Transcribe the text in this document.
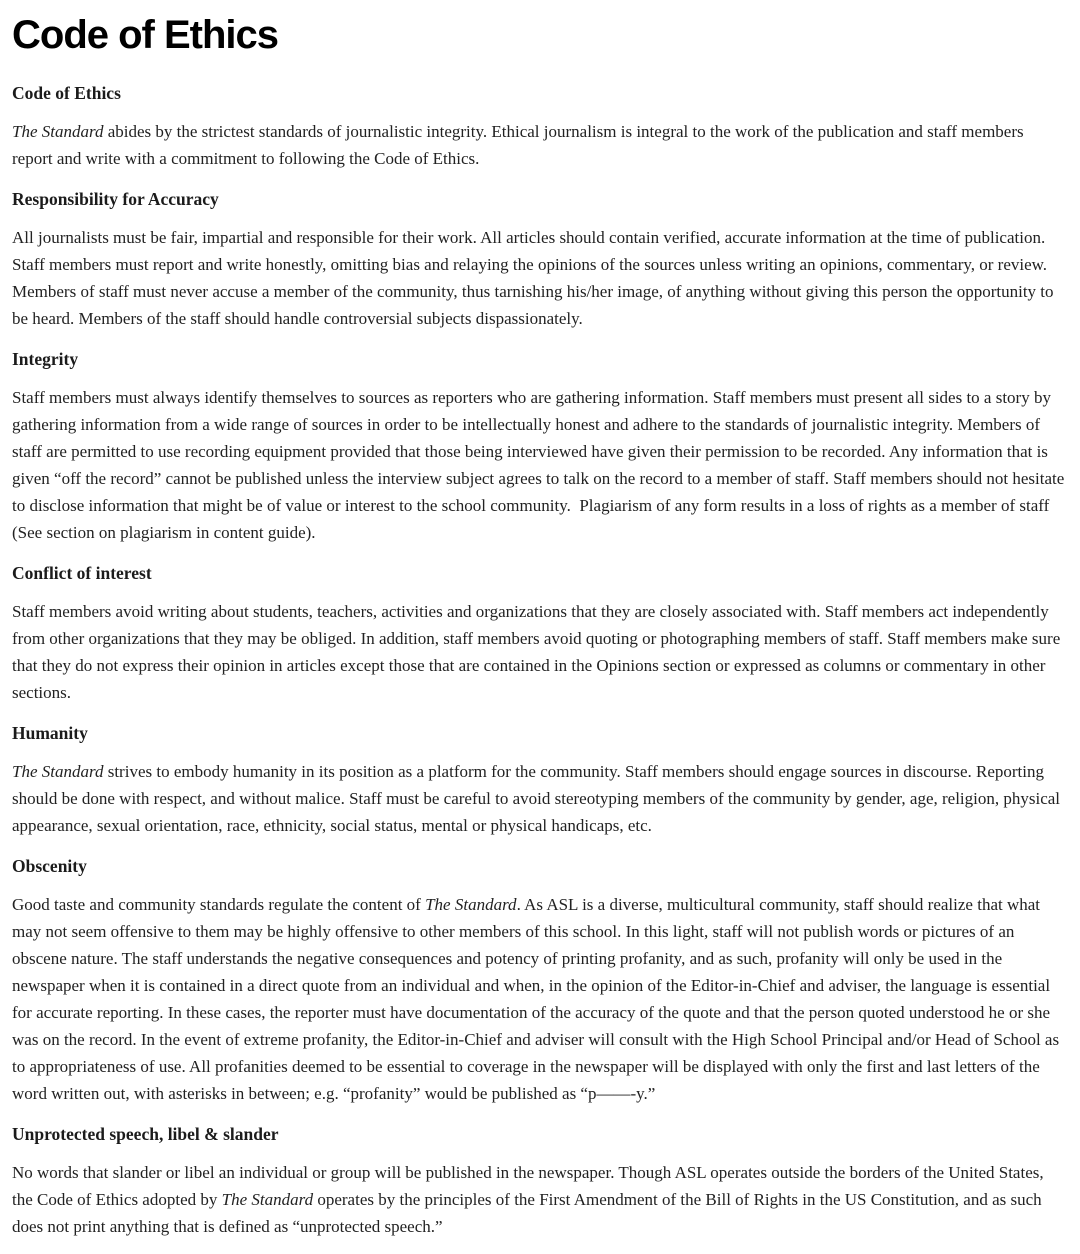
Code of Ethics
Code of Ethics

The Standard abides by the strictest standards of journalistic integrity. Ethical journalism is integral to the work of the publication and staff members report and write with a commitment to following the Code of Ethics.

Responsibility for Accuracy

All journalists must be fair, impartial and responsible for their work. All articles should contain verified, accurate information at the time of publication. Staff members must report and write honestly, omitting bias and relaying the opinions of the sources unless writing an opinions, commentary, or review. Members of staff must never accuse a member of the community, thus tarnishing his/her image, of anything without giving this person the opportunity to be heard. Members of the staff should handle controversial subjects dispassionately.

Integrity

Staff members must always identify themselves to sources as reporters who are gathering information. Staff members must present all sides to a story by gathering information from a wide range of sources in order to be intellectually honest and adhere to the standards of journalistic integrity. Members of staff are permitted to use recording equipment provided that those being interviewed have given their permission to be recorded. Any information that is given “off the record” cannot be published unless the interview subject agrees to talk on the record to a member of staff. Staff members should not hesitate to disclose information that might be of value or interest to the school community.  Plagiarism of any form results in a loss of rights as a member of staff (See section on plagiarism in content guide).

Conflict of interest

Staff members avoid writing about students, teachers, activities and organizations that they are closely associated with. Staff members act independently from other organizations that they may be obliged. In addition, staff members avoid quoting or photographing members of staff. Staff members make sure that they do not express their opinion in articles except those that are contained in the Opinions section or expressed as columns or commentary in other sections.

Humanity

The Standard strives to embody humanity in its position as a platform for the community. Staff members should engage sources in discourse. Reporting should be done with respect, and without malice. Staff must be careful to avoid stereotyping members of the community by gender, age, religion, physical appearance, sexual orientation, race, ethnicity, social status, mental or physical handicaps, etc.

Obscenity

Good taste and community standards regulate the content of The Standard. As ASL is a diverse, multicultural community, staff should realize that what may not seem offensive to them may be highly offensive to other members of this school. In this light, staff will not publish words or pictures of an obscene nature. The staff understands the negative consequences and potency of printing profanity, and as such, profanity will only be used in the newspaper when it is contained in a direct quote from an individual and when, in the opinion of the Editor-in-Chief and adviser, the language is essential for accurate reporting. In these cases, the reporter must have documentation of the accuracy of the quote and that the person quoted understood he or she was on the record. In the event of extreme profanity, the Editor-in-Chief and adviser will consult with the High School Principal and/or Head of School as to appropriateness of use. All profanities deemed to be essential to coverage in the newspaper will be displayed with only the first and last letters of the word written out, with asterisks in between; e.g. “profanity” would be published as “p——-y.”

Unprotected speech, libel & slander

No words that slander or libel an individual or group will be published in the newspaper. Though ASL operates outside the borders of the United States, the Code of Ethics adopted by The Standard operates by the principles of the First Amendment of the Bill of Rights in the US Constitution, and as such does not print anything that is defined as “unprotected speech.”
